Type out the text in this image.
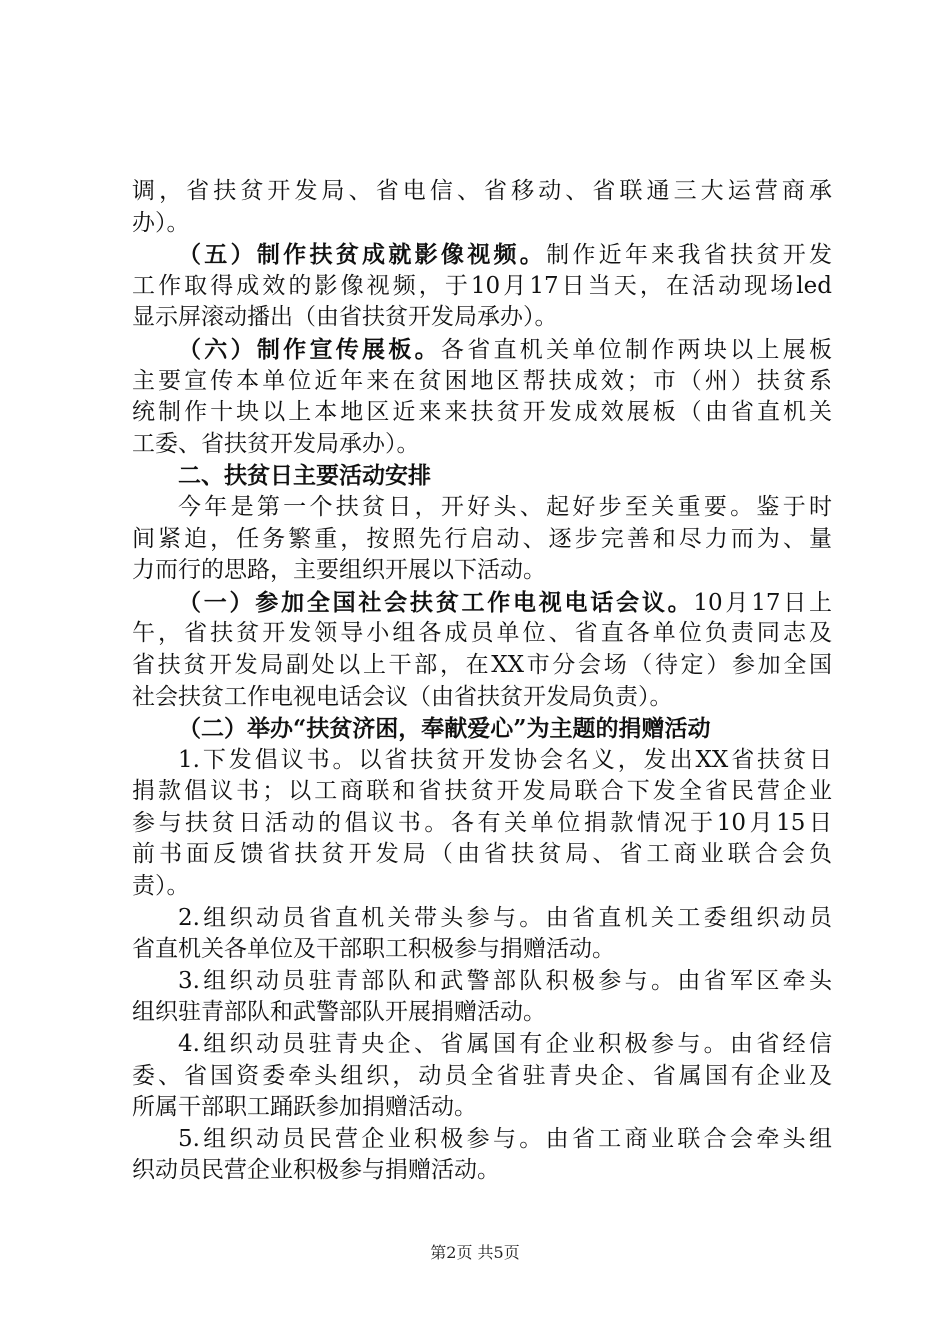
调，省扶贫开发局、省电信、省移动、省联通三大运营商承
办）。
（五）制作扶贫成就影像视频。制作近年来我省扶贫开发
工作取得成效的影像视频，于10月17日当天，在活动现场led
显示屏滚动播出（由省扶贫开发局承办）。
（六）制作宣传展板。各省直机关单位制作两块以上展板
主要宣传本单位近年来在贫困地区帮扶成效；市（州）扶贫系
统制作十块以上本地区近来来扶贫开发成效展板（由省直机关
工委、省扶贫开发局承办）。
二、扶贫日主要活动安排
今年是第一个扶贫日，开好头、起好步至关重要。鉴于时
间紧迫，任务繁重，按照先行启动、逐步完善和尽力而为、量
力而行的思路，主要组织开展以下活动。
（一）参加全国社会扶贫工作电视电话会议。10月17日上
午，省扶贫开发领导小组各成员单位、省直各单位负责同志及
省扶贫开发局副处以上干部，在XX市分会场（待定）参加全国
社会扶贫工作电视电话会议（由省扶贫开发局负责）。
（二）举办“扶贫济困，奉献爱心”为主题的捐赠活动
1.下发倡议书。以省扶贫开发协会名义，发出XX省扶贫日
捐款倡议书；以工商联和省扶贫开发局联合下发全省民营企业
参与扶贫日活动的倡议书。各有关单位捐款情况于10月15日
前书面反馈省扶贫开发局（由省扶贫局、省工商业联合会负
责）。
2.组织动员省直机关带头参与。由省直机关工委组织动员
省直机关各单位及干部职工积极参与捐赠活动。
3.组织动员驻青部队和武警部队积极参与。由省军区牵头
组织驻青部队和武警部队开展捐赠活动。
4.组织动员驻青央企、省属国有企业积极参与。由省经信
委、省国资委牵头组织，动员全省驻青央企、省属国有企业及
所属干部职工踊跃参加捐赠活动。
5.组织动员民营企业积极参与。由省工商业联合会牵头组
织动员民营企业积极参与捐赠活动。
第2页 共5页
